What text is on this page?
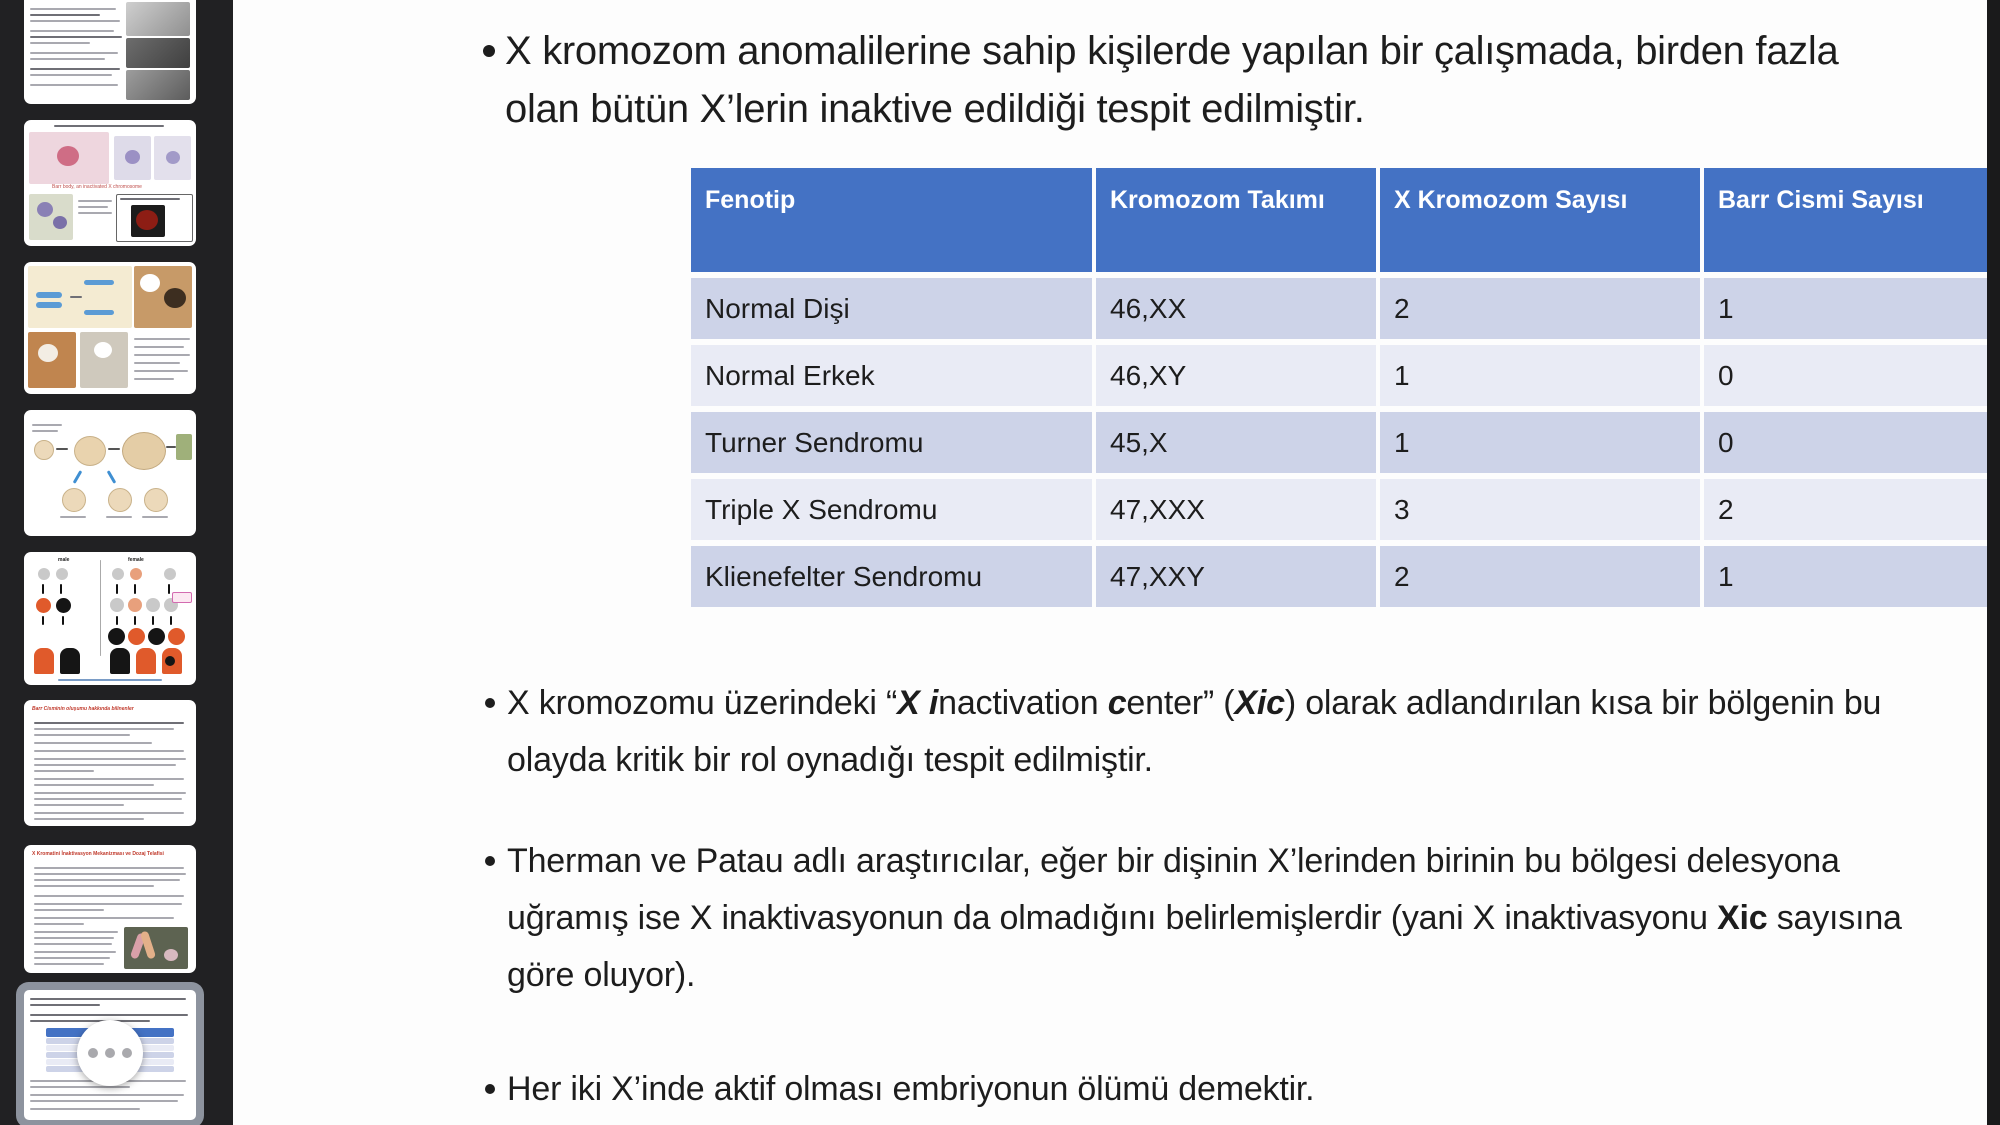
Barr body, an inactivated X chromosome
male	female
Barr Cisminin oluşumu hakkında bilinenler
X Kromatini İnaktivasyon Mekanizması ve Dozaj Telafisi
X kromozom anomalilerine sahip kişilerde yapılan bir çalışmada, birden fazla
olan bütün X’lerin inaktive edildiği tespit edilmiştir.
Fenotip	Kromozom Takımı	X Kromozom Sayısı	Barr Cismi Sayısı
Normal Dişi	46,XX	2	1
Normal Erkek	46,XY	1	0
Turner Sendromu	45,X	1	0
Triple X Sendromu	47,XXX	3	2
Klienefelter Sendromu	47,XXY	2	1
X kromozomu üzerindeki “X inactivation center” (Xic) olarak adlandırılan kısa bir bölgenin bu
olayda kritik bir rol oynadığı tespit edilmiştir.
Therman ve Patau adlı araştırıcılar, eğer bir dişinin X’lerinden birinin bu bölgesi delesyona
uğramış ise X inaktivasyonun da olmadığını belirlemişlerdir (yani X inaktivasyonu Xic sayısına
göre oluyor).
Her iki X’inde aktif olması embriyonun ölümü demektir.
